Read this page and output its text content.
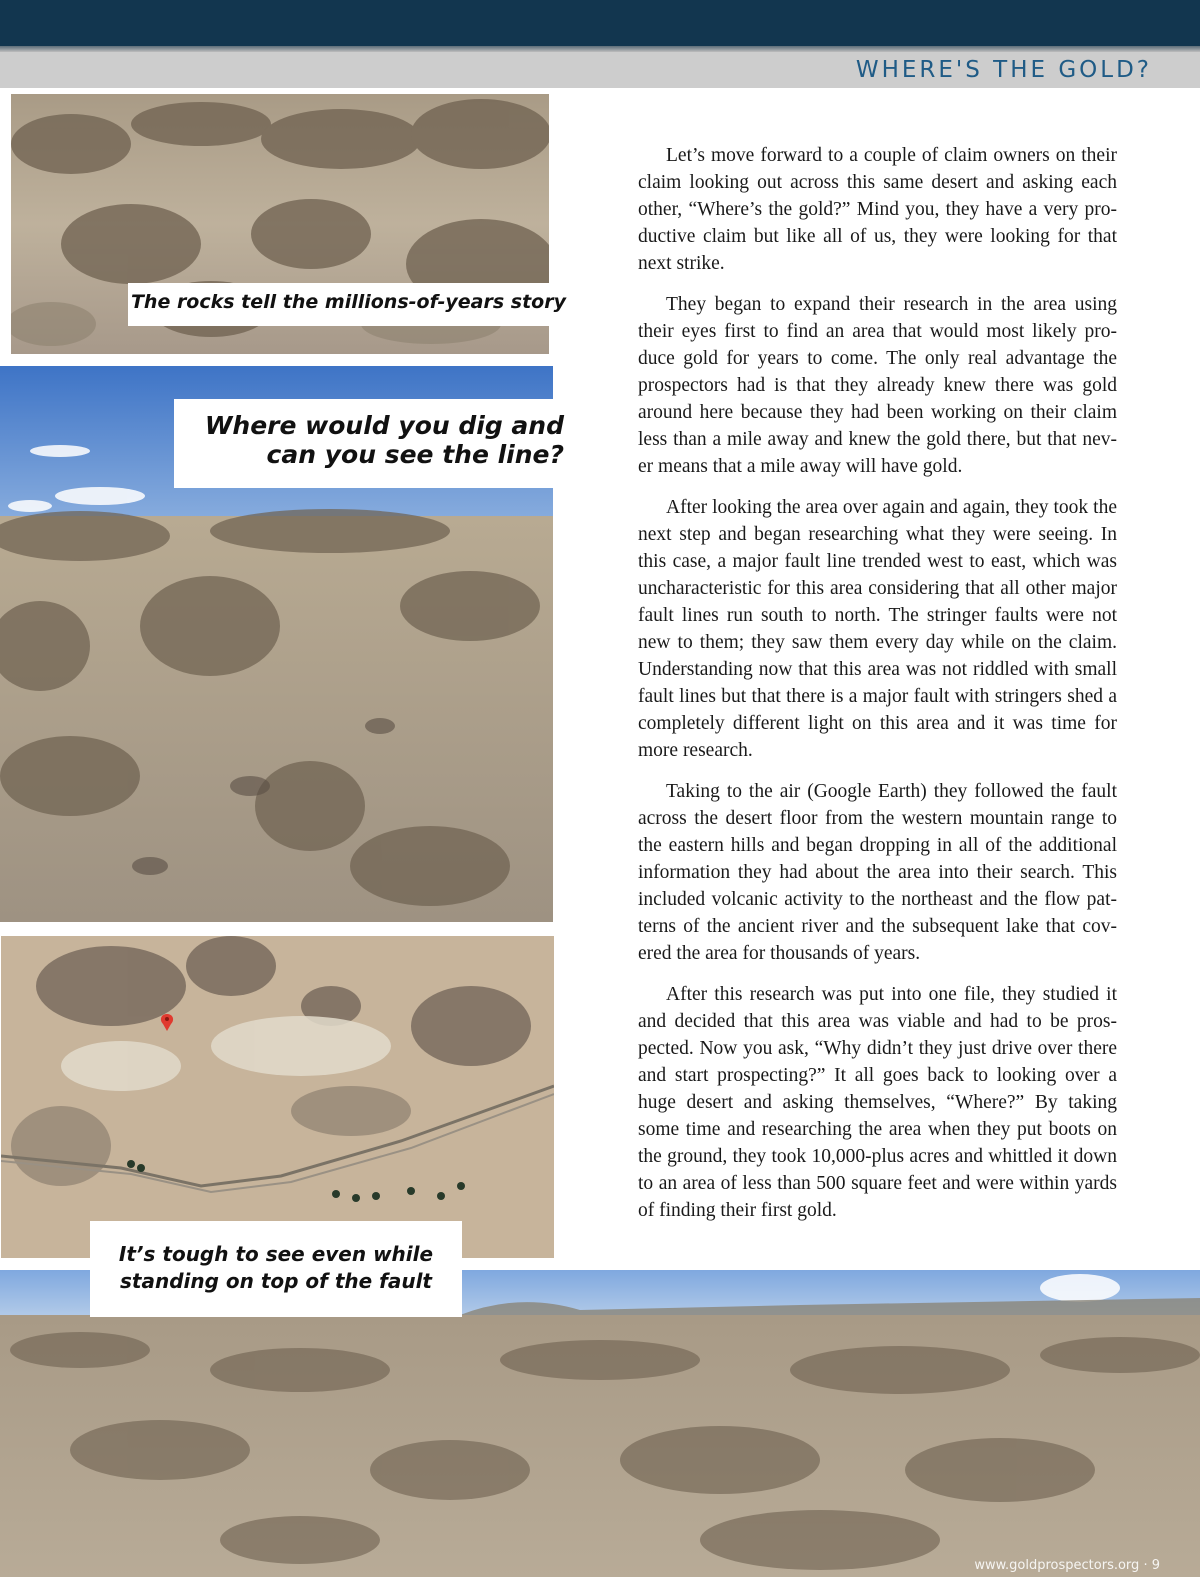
WHERE'S THE GOLD?
The rocks tell the millions-of-years story
Where would you dig and can you see the line?
It’s tough to see even while standing on top of the fault

Let’s move forward to a couple of claim owners on their claim looking out across this same desert and asking each other, “Where’s the gold?” Mind you, they have a very pro-ductive claim but like all of us, they were looking for that next strike.

They began to expand their research in the area using their eyes first to find an area that would most likely pro-duce gold for years to come. The only real advantage the prospectors had is that they already knew there was gold around here because they had been working on their claim less than a mile away and knew the gold there, but that nev-er means that a mile away will have gold.

After looking the area over again and again, they took the next step and began researching what they were seeing. In this case, a major fault line trended west to east, which was uncharacteristic for this area considering that all other major fault lines run south to north. The stringer faults were not new to them; they saw them every day while on the claim. Understanding now that this area was not riddled with small fault lines but that there is a major fault with stringers shed a completely different light on this area and it was time for more research.

Taking to the air (Google Earth) they followed the fault across the desert floor from the western mountain range to the eastern hills and began dropping in all of the additional information they had about the area into their search. This included volcanic activity to the northeast and the flow pat-terns of the ancient river and the subsequent lake that cov-ered the area for thousands of years.

After this research was put into one file, they studied it and decided that this area was viable and had to be pros-pected. Now you ask, “Why didn’t they just drive over there and start prospecting?” It all goes back to looking over a huge desert and asking themselves, “Where?” By taking some time and researching the area when they put boots on the ground, they took 10,000-plus acres and whittled it down to an area of less than 500 square feet and were within yards of finding their first gold.

www.goldprospectors.org · 9
